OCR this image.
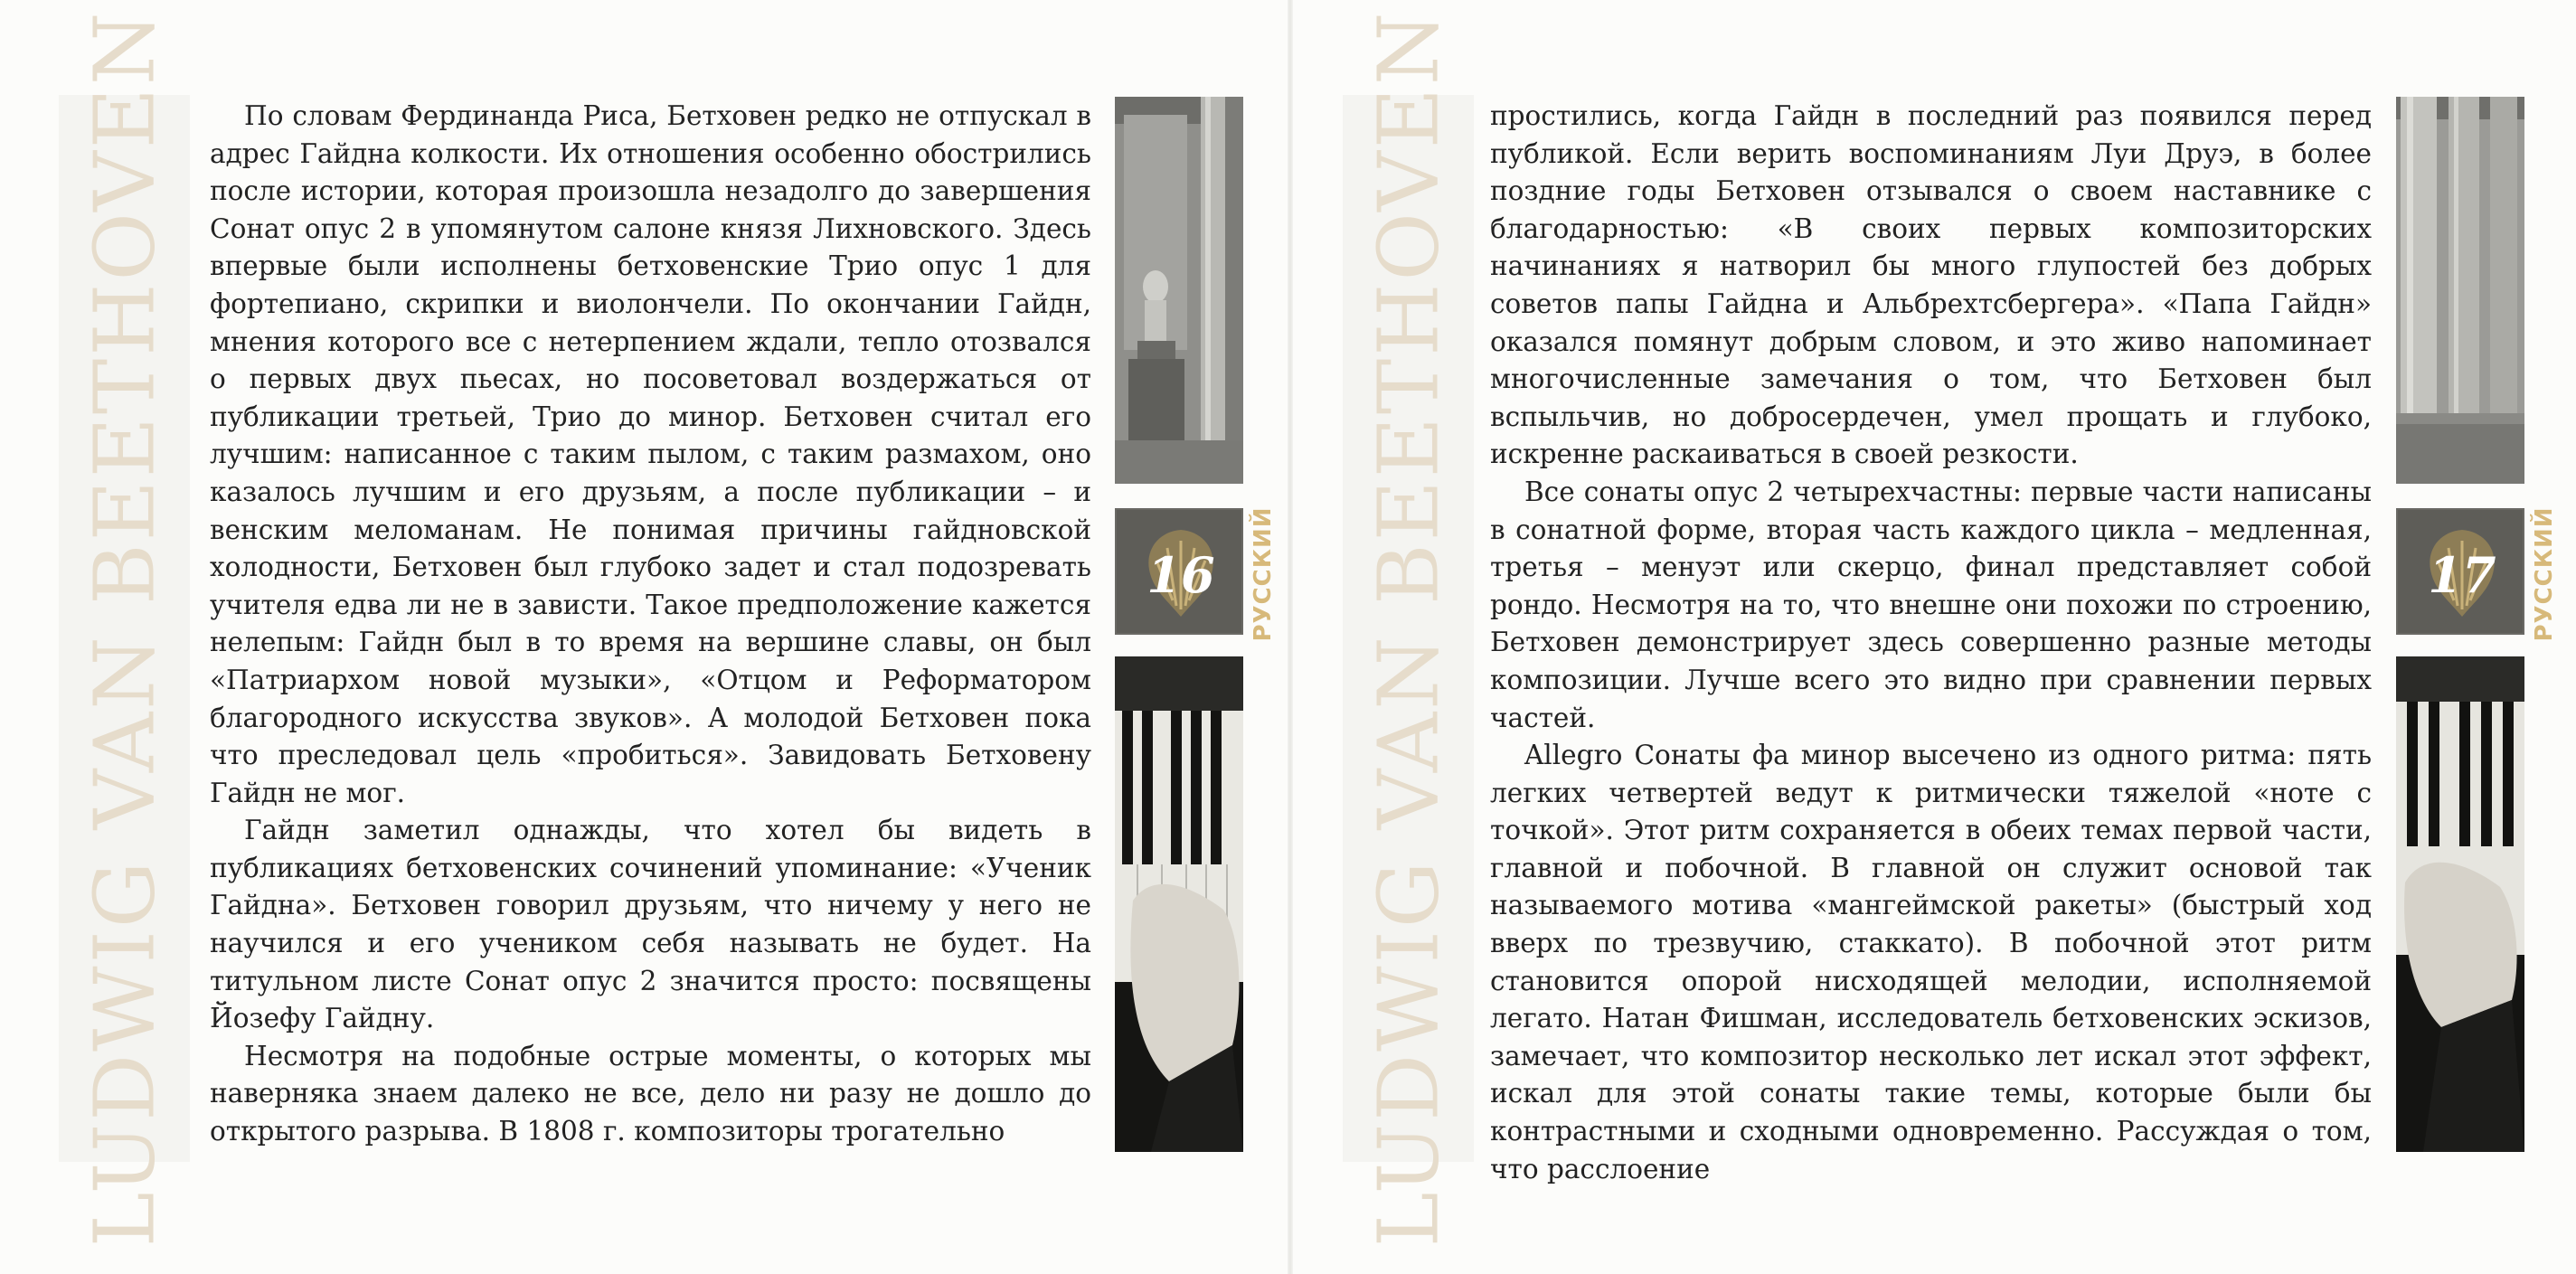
LUDWIG VAN BEETHOVEN	По словам Фердинанда Риса, Бетховен редко не отпускал в адрес Гайдна колкости. Их отношения особенно обострились после истории, которая произошла незадолго до завершения Сонат опус 2 в упомянутом салоне князя Лихновского. Здесь впервые были исполнены бетховенские Трио опус 1 для фортепиано, скрипки и виолончели. По окончании Гайдн, мнения которого все с нетерпением ждали, тепло отозвался о первых двух пьесах, но посоветовал воздержаться от публикации третьей, Трио до минор. Бетховен считал его лучшим: написанное с таким пылом, с таким размахом, оно казалось лучшим и его друзьям, а после публикации – и венским меломанам. Не понимая причины гайдновской холодности, Бетховен был глубоко задет и стал подозревать учителя едва ли не в зависти. Такое предположение кажется нелепым: Гайдн был в то время на вершине славы, он был «Патриархом новой музыки», «Отцом и Реформатором благородного искусства звуков». А молодой Бетховен пока что преследовал цель «пробиться». Завидовать Бетховену Гайдн не мог.

Гайдн заметил однажды, что хотел бы видеть в публикациях бетховенских сочинений упоминание: «Ученик Гайдна». Бетховен говорил друзьям, что ничему у него не научился и его учеником себя называть не будет. На титульном листе Сонат опус 2 значится просто: посвящены Йозефу Гайдну.

Несмотря на подобные острые моменты, о которых мы наверняка знаем далеко не все, дело ни разу не дошло до открытого разрыва. В 1808 г. композиторы трогательно

16	РУССКИЙ LUDWIG VAN BEETHOVEN простились, когда Гайдн в последний раз появился перед публикой. Если верить воспоминаниям Луи Друэ, в более поздние годы Бетховен отзывался о своем наставнике с благодарностью: «В своих первых композиторских начинаниях я натворил бы много глупостей без добрых советов папы Гайдна и Альбрехтсбергера». «Папа Гайдн» оказался помянут добрым словом, и это живо напоминает многочисленные замечания о том, что Бетховен был вспыльчив, но добросердечен, умел прощать и глубоко, искренне раскаиваться в своей резкости.

Все сонаты опус 2 четырехчастны: первые части написаны в сонатной форме, вторая часть каждого цикла – медленная, третья – менуэт или скерцо, финал представляет собой рондо. Несмотря на то, что внешне они похожи по строению, Бетховен демонстрирует здесь совершенно разные методы композиции. Лучше всего это видно при сравнении первых частей.

Allegro Сонаты фа минор высечено из одного ритма: пять легких четвертей ведут к ритмически тяжелой «ноте с точкой». Этот ритм сохраняется в обеих темах первой части, главной и побочной. В главной он служит основой так называемого мотива «мангеймской ракеты» (быстрый ход вверх по трезвучию, стаккато). В побочной этот ритм становится опорой нисходящей мелодии, исполняемой легато. Натан Фишман, исследователь бетховенских эскизов, замечает, что композитор несколько лет искал этот эффект, искал для этой сонаты такие темы, которые были бы контрастными и сходными одновременно. Рассуждая о том, что расслоение

17	РУССКИЙ
